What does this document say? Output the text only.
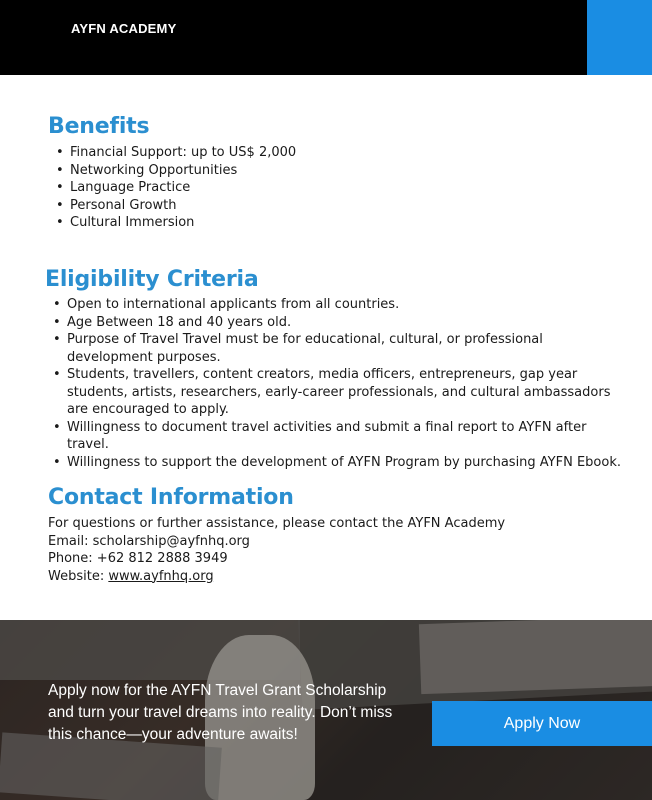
AYFN ACADEMY
Benefits
• Financial Support: up to US$ 2,000
• Networking Opportunities
• Language Practice
• Personal Growth
• Cultural Immersion
Eligibility Criteria
• Open to international applicants from all countries.
• Age Between 18 and 40 years old.
• Purpose of Travel Travel must be for educational, cultural, or professional development purposes.
• Students, travellers, content creators, media officers, entrepreneurs, gap year students, artists, researchers, early-career professionals, and cultural ambassadors are encouraged to apply.
• Willingness to document travel activities and submit a final report to AYFN after travel.
• Willingness to support the development of AYFN Program by purchasing AYFN Ebook.
Contact Information
For questions or further assistance, please contact the AYFN Academy
Email: scholarship@ayfnhq.org
Phone: +62 812 2888 3949
Website: www.ayfnhq.org
Apply now for the AYFN Travel Grant Scholarship and turn your travel dreams into reality. Don’t miss this chance—your adventure awaits!
Apply Now
